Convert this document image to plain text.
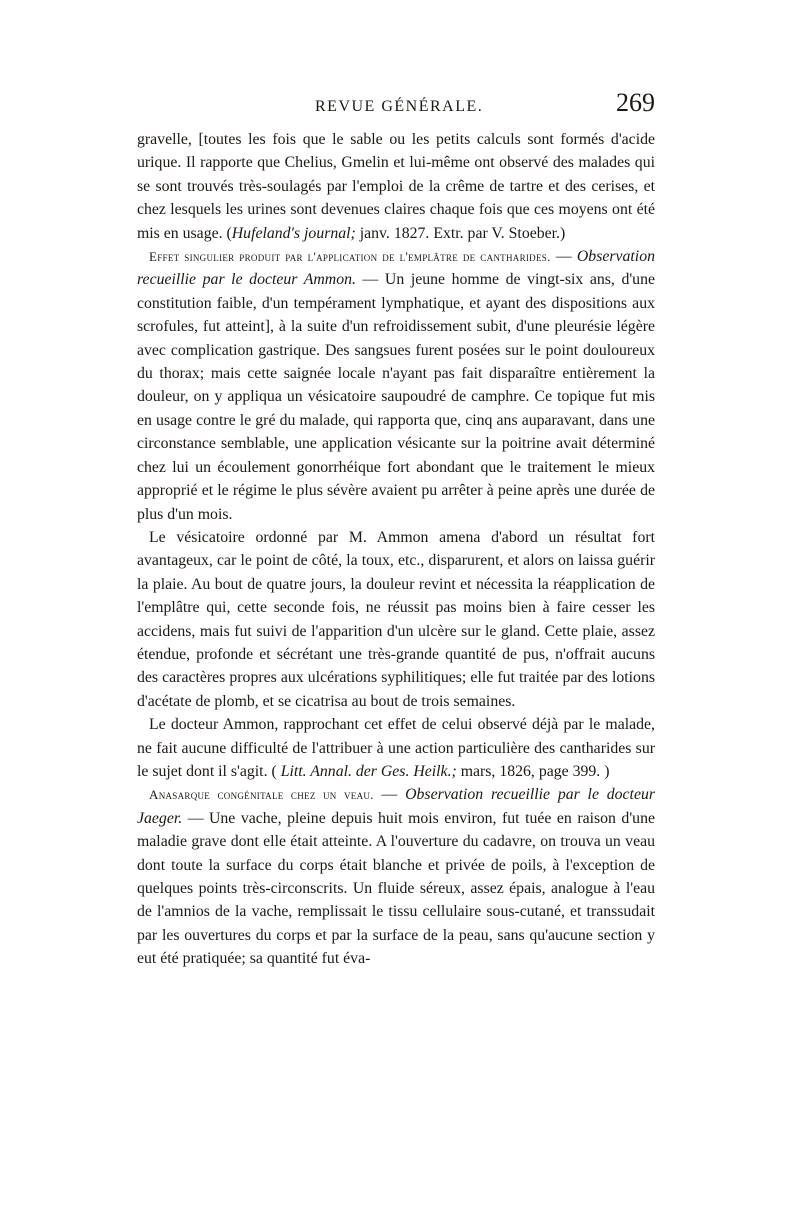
REVUE GÉNÉRALE.	269

gravelle, [toutes les fois que le sable ou les petits calculs sont formés d'acide urique. Il rapporte que Chelius, Gmelin et lui-même ont observé des malades qui se sont trouvés très-soulagés par l'emploi de la crême de tartre et des cerises, et chez lesquels les urines sont devenues claires chaque fois que ces moyens ont été mis en usage. (Hufeland's journal; janv. 1827. Extr. par V. Stoeber.)

Effet singulier produit par l'application de l'emplâtre de cantharides. — Observation recueillie par le docteur Ammon. — Un jeune homme de vingt-six ans, d'une constitution faible, d'un tempérament lymphatique, et ayant des dispositions aux scrofules, fut atteint], à la suite d'un refroidissement subit, d'une pleurésie légère avec complication gastrique. Des sangsues furent posées sur le point douloureux du thorax; mais cette saignée locale n'ayant pas fait disparaître entièrement la douleur, on y appliqua un vésicatoire saupoudré de camphre. Ce topique fut mis en usage contre le gré du malade, qui rapporta que, cinq ans auparavant, dans une circonstance semblable, une application vésicante sur la poitrine avait déterminé chez lui un écoulement gonorrhéique fort abondant que le traitement le mieux approprié et le régime le plus sévère avaient pu arrêter à peine après une durée de plus d'un mois.

Le vésicatoire ordonné par M. Ammon amena d'abord un résultat fort avantageux, car le point de côté, la toux, etc., disparurent, et alors on laissa guérir la plaie. Au bout de quatre jours, la douleur revint et nécessita la réapplication de l'emplâtre qui, cette seconde fois, ne réussit pas moins bien à faire cesser les accidens, mais fut suivi de l'apparition d'un ulcère sur le gland. Cette plaie, assez étendue, profonde et sécrétant une très-grande quantité de pus, n'offrait aucuns des caractères propres aux ulcérations syphilitiques; elle fut traitée par des lotions d'acétate de plomb, et se cicatrisa au bout de trois semaines.

Le docteur Ammon, rapprochant cet effet de celui observé déjà par le malade, ne fait aucune difficulté de l'attribuer à une action particulière des cantharides sur le sujet dont il s'agit. ( Litt. Annal. der Ges. Heilk.; mars, 1826, page 399. )

Anasarque congénitale chez un veau. — Observation recueillie par le docteur Jaeger. — Une vache, pleine depuis huit mois environ, fut tuée en raison d'une maladie grave dont elle était atteinte. A l'ouverture du cadavre, on trouva un veau dont toute la surface du corps était blanche et privée de poils, à l'exception de quelques points très-circonscrits. Un fluide séreux, assez épais, analogue à l'eau de l'amnios de la vache, remplissait le tissu cellulaire sous-cutané, et transsudait par les ouvertures du corps et par la surface de la peau, sans qu'aucune section y eut été pratiquée; sa quantité fut éva-
